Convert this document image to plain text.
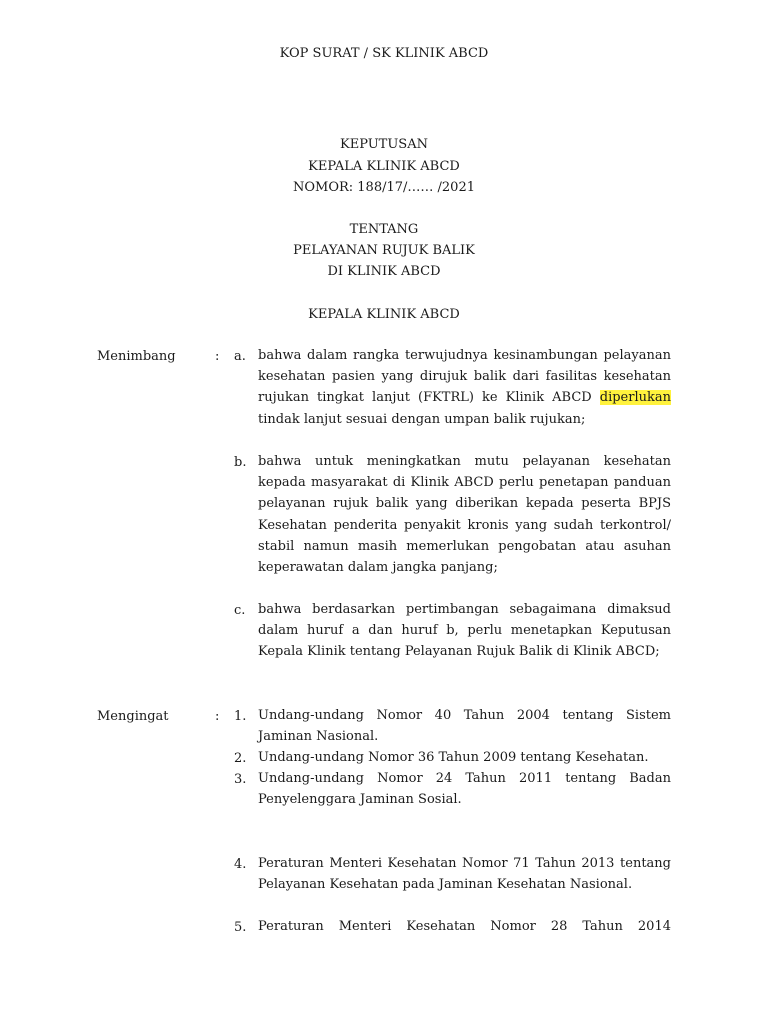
KOP SURAT / SK KLINIK ABCD
KEPUTUSAN
KEPALA KLINIK ABCD
NOMOR: 188/17/…… /2021
TENTANG
PELAYANAN RUJUK BALIK
DI KLINIK ABCD
KEPALA KLINIK ABCD
Menimbang	: a. bahwa dalam rangka terwujudnya kesinambungan pelayanan kesehatan pasien yang dirujuk balik dari fasilitas kesehatan rujukan tingkat lanjut (FKTRL) ke Klinik ABCD diperlukan tindak lanjut sesuai dengan umpan balik rujukan;
b. bahwa untuk meningkatkan mutu pelayanan kesehatan kepada masyarakat di Klinik ABCD perlu penetapan panduan pelayanan rujuk balik yang diberikan kepada peserta BPJS Kesehatan penderita penyakit kronis yang sudah terkontrol/ stabil namun masih memerlukan pengobatan atau asuhan keperawatan dalam jangka panjang;
c. bahwa berdasarkan pertimbangan sebagaimana dimaksud dalam huruf a dan huruf b, perlu menetapkan Keputusan Kepala Klinik tentang Pelayanan Rujuk Balik di Klinik ABCD;
Mengingat	: 1. Undang-undang Nomor 40 Tahun 2004 tentang Sistem Jaminan Nasional.
2. Undang-undang Nomor 36 Tahun 2009 tentang Kesehatan.
3. Undang-undang Nomor 24 Tahun 2011 tentang Badan Penyelenggara Jaminan Sosial.
4. Peraturan Menteri Kesehatan Nomor 71 Tahun 2013 tentang Pelayanan Kesehatan pada Jaminan Kesehatan Nasional.
5. Peraturan Menteri Kesehatan Nomor 28 Tahun 2014
